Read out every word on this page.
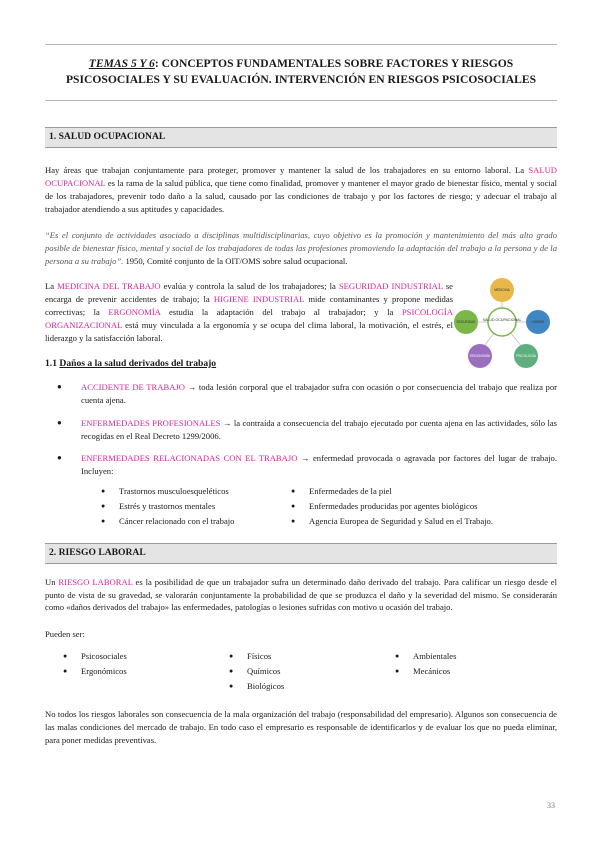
TEMAS 5 Y 6: CONCEPTOS FUNDAMENTALES SOBRE FACTORES Y RIESGOS PSICOSOCIALES Y SU EVALUACIÓN. INTERVENCIÓN EN RIESGOS PSICOSOCIALES
1. SALUD OCUPACIONAL

Hay áreas que trabajan conjuntamente para proteger, promover y mantener la salud de los trabajadores en su entorno laboral. La SALUD OCUPACIONAL es la rama de la salud pública, que tiene como finalidad, promover y mantener el mayor grado de bienestar físico, mental y social de los trabajadores, prevenir todo daño a la salud, causado por las condiciones de trabajo y por los factores de riesgo; y adecuar el trabajo al trabajador atendiendo a sus aptitudes y capacidades.

“Es el conjunto de actividades asociado a disciplinas multidisciplinarias, cuyo objetivo es la promoción y mantenimiento del más alto grado posible de bienestar físico, mental y social de los trabajadores de todas las profesiones promoviendo la adaptación del trabajo a la persona y de la persona a su trabajo”. 1950, Comité conjunto de la OIT/OMS sobre salud ocupacional.

La MEDICINA DEL TRABAJO evalúa y controla la salud de los trabajadores; la SEGURIDAD INDUSTRIAL se encarga de prevenir accidentes de trabajo; la HIGIENE INDUSTRIAL mide contaminantes y propone medidas correctivas; la ERGONOMÍA estudia la adaptación del trabajo al trabajador; y la PSICOLOGÍA ORGANIZACIONAL está muy vinculada a la ergonomía y se ocupa del clima laboral, la motivación, el estrés, el liderazgo y la satisfacción laboral.

1.1 Daños a la salud derivados del trabajo

● ACCIDENTE DE TRABAJO → toda lesión corporal que el trabajador sufra con ocasión o por consecuencia del trabajo que realiza por cuenta ajena.
● ENFERMEDADES PROFESIONALES → la contraída a consecuencia del trabajo ejecutado por cuenta ajena en las actividades, sólo las recogidas en el Real Decreto 1299/2006.
● ENFERMEDADES RELACIONADAS CON EL TRABAJO → enfermedad provocada o agravada por factores del lugar de trabajo. Incluyen:
● Trastornos musculoesqueléticos
● Estrés y trastornos mentales
● Cáncer relacionado con el trabajo
● Enfermedades de la piel
● Enfermedades producidas por agentes biológicos
● Agencia Europea de Seguridad y Salud en el Trabajo.
2. RIESGO LABORAL

Un RIESGO LABORAL es la posibilidad de que un trabajador sufra un determinado daño derivado del trabajo. Para calificar un riesgo desde el punto de vista de su gravedad, se valorarán conjuntamente la probabilidad de que se produzca el daño y la severidad del mismo. Se considerarán como «daños derivados del trabajo» las enfermedades, patologías o lesiones sufridas con motivo u ocasión del trabajo.

Pueden ser:

● Psicosociales
● Ergonómicos
● Físicos
● Químicos
● Biológicos
● Ambientales
● Mecánicos

No todos los riesgos laborales son consecuencia de la mala organización del trabajo (responsabilidad del empresario). Algunos son consecuencia de las malas condiciones del mercado de trabajo. En todo caso el empresario es responsable de identificarlos y de evaluar los que no pueda eliminar, para poner medidas preventivas.

SALUD OCUPACIONAL
MEDICINA
SEGURIDAD	HIGIENE
ERGONOMÍA	PSICOLOGÍA
33
